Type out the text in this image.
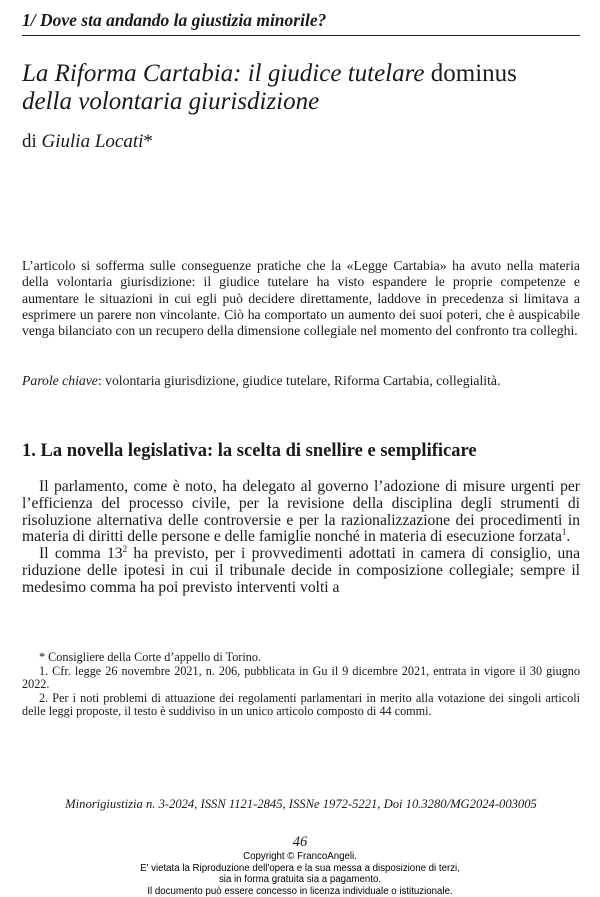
1/ Dove sta andando la giustizia minorile?
La Riforma Cartabia: il giudice tutelare dominus
della volontaria giurisdizione
di Giulia Locati*
L’articolo si sofferma sulle conseguenze pratiche che la «Legge Cartabia» ha avuto nella materia della volontaria giurisdizione: il giudice tutelare ha visto espandere le proprie competenze e aumentare le situazioni in cui egli può decidere direttamente, laddove in precedenza si limitava a esprimere un parere non vincolante. Ciò ha comportato un aumento dei suoi poteri, che è auspicabile venga bilanciato con un recupero della dimensione collegiale nel momento del confronto tra colleghi.
Parole chiave: volontaria giurisdizione, giudice tutelare, Riforma Cartabia, collegialità.
1. La novella legislativa: la scelta di snellire e semplificare

Il parlamento, come è noto, ha delegato al governo l’adozione di misure urgenti per l’efficienza del processo civile, per la revisione della disciplina degli strumenti di risoluzione alternativa delle controversie e per la razionalizzazione dei procedimenti in materia di diritti delle persone e delle famiglie nonché in materia di esecuzione forzata$^1$.

Il comma $13^2$ ha previsto, per i provvedimenti adottati in camera di consiglio, una riduzione delle ipotesi in cui il tribunale decide in composizione collegiale; sempre il medesimo comma ha poi previsto interventi volti a

* Consigliere della Corte d’appello di Torino.

1. Cfr. legge 26 novembre 2021, n. 206, pubblicata in Gu il 9 dicembre 2021, entrata in vigore il 30 giugno 2022.

2. Per i noti problemi di attuazione dei regolamenti parlamentari in merito alla votazione dei singoli articoli delle leggi proposte, il testo è suddiviso in un unico articolo composto di 44 commi.

Minorigiustizia n. 3-2024, ISSN 1121-2845, ISSNe 1972-5221, Doi 10.3280/MG2024-003005
46
Copyright © FrancoAngeli.
E' vietata la Riproduzione dell'opera e la sua messa a disposizione di terzi,
sia in forma gratuita sia a pagamento.
Il documento può essere concesso in licenza individuale o istituzionale.
